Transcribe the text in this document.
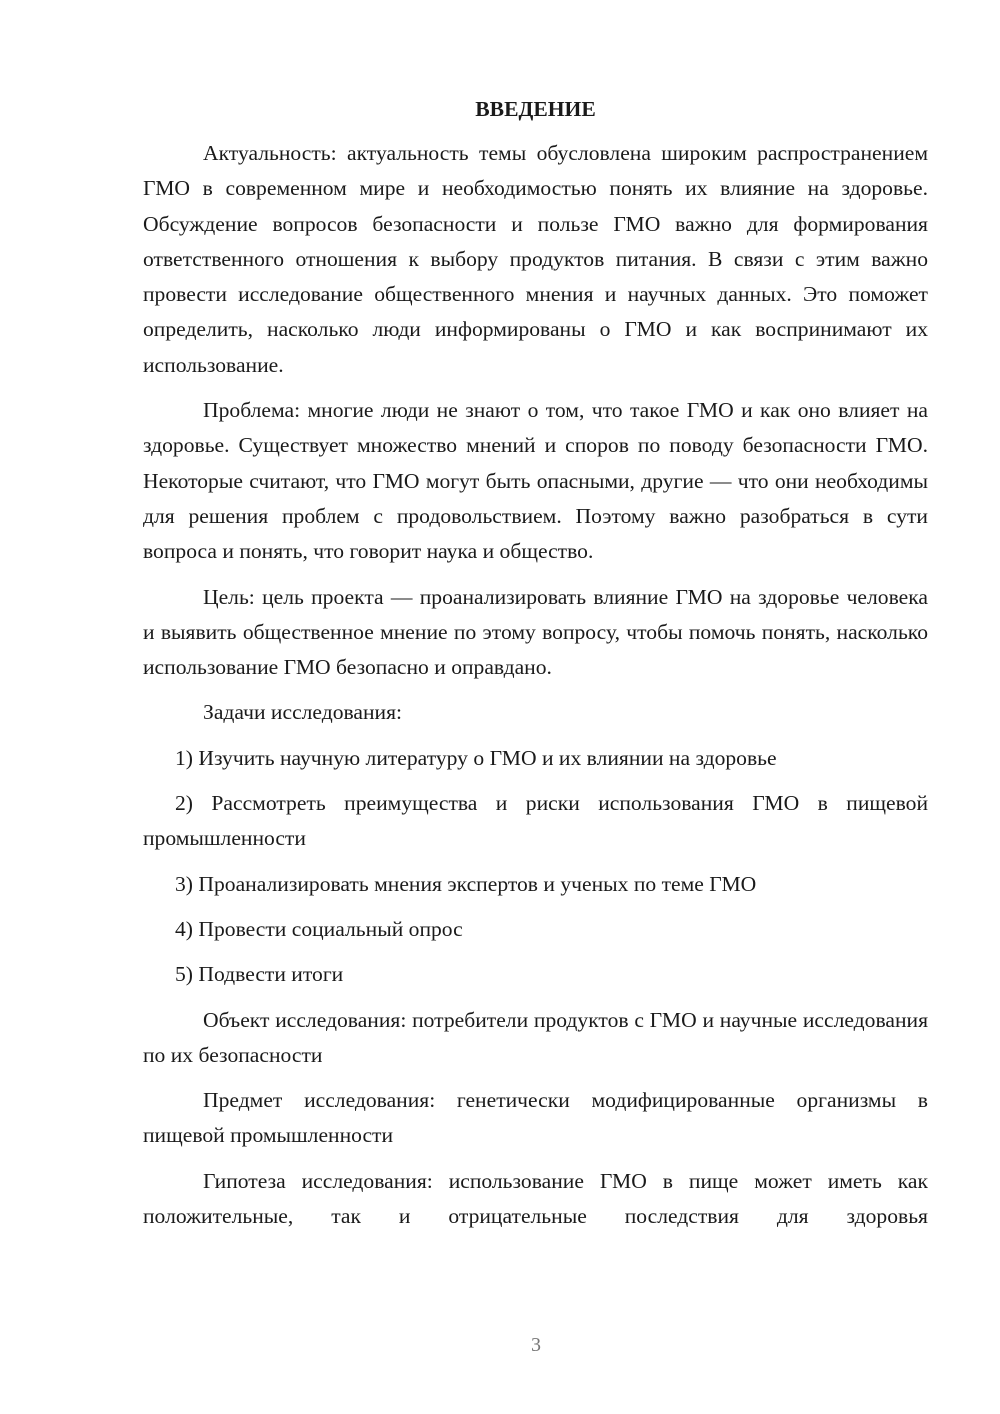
ВВЕДЕНИЕ

Актуальность: актуальность темы обусловлена широким распространением ГМО в современном мире и необходимостью понять их влияние на здоровье. Обсуждение вопросов безопасности и пользе ГМО важно для формирования ответственного отношения к выбору продуктов питания. В связи с этим важно провести исследование общественного мнения и научных данных. Это поможет определить, насколько люди информированы о ГМО и как воспринимают их использование.

Проблема: многие люди не знают о том, что такое ГМО и как оно влияет на здоровье. Существует множество мнений и споров по поводу безопасности ГМО. Некоторые считают, что ГМО могут быть опасными, другие — что они необходимы для решения проблем с продовольствием. Поэтому важно разобраться в сути вопроса и понять, что говорит наука и общество.

Цель: цель проекта — проанализировать влияние ГМО на здоровье человека и выявить общественное мнение по этому вопросу, чтобы помочь понять, насколько использование ГМО безопасно и оправдано.

Задачи исследования:

1) Изучить научную литературу о ГМО и их влиянии на здоровье

2) Рассмотреть преимущества и риски использования ГМО в пищевой промышленности

3) Проанализировать мнения экспертов и ученых по теме ГМО

4) Провести социальный опрос

5) Подвести итоги

Объект исследования: потребители продуктов с ГМО и научные исследования по их безопасности

Предмет исследования: генетически модифицированные организмы в пищевой промышленности

Гипотеза исследования: использование ГМО в пище может иметь как положительные, так и отрицательные последствия для здоровья

3
